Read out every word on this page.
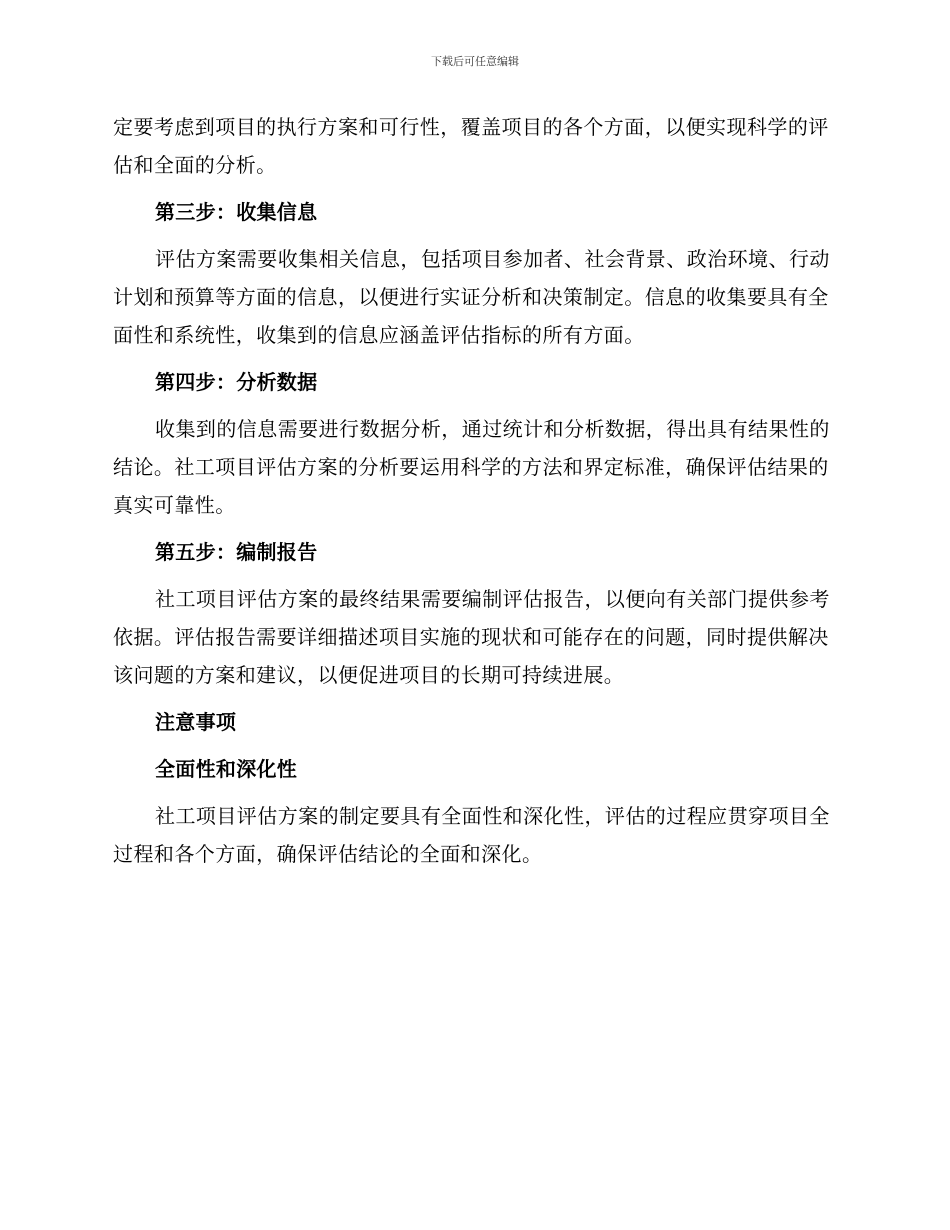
下载后可任意编辑

定要考虑到项目的执行方案和可行性，覆盖项目的各个方面，以便实现科学的评估和全面的分析。

第三步：收集信息

评估方案需要收集相关信息，包括项目参加者、社会背景、政治环境、行动计划和预算等方面的信息，以便进行实证分析和决策制定。信息的收集要具有全面性和系统性，收集到的信息应涵盖评估指标的所有方面。

第四步：分析数据

收集到的信息需要进行数据分析，通过统计和分析数据，得出具有结果性的结论。社工项目评估方案的分析要运用科学的方法和界定标准，确保评估结果的真实可靠性。

第五步：编制报告

社工项目评估方案的最终结果需要编制评估报告，以便向有关部门提供参考依据。评估报告需要详细描述项目实施的现状和可能存在的问题，同时提供解决该问题的方案和建议，以便促进项目的长期可持续进展。

注意事项

全面性和深化性

社工项目评估方案的制定要具有全面性和深化性，评估的过程应贯穿项目全过程和各个方面，确保评估结论的全面和深化。
